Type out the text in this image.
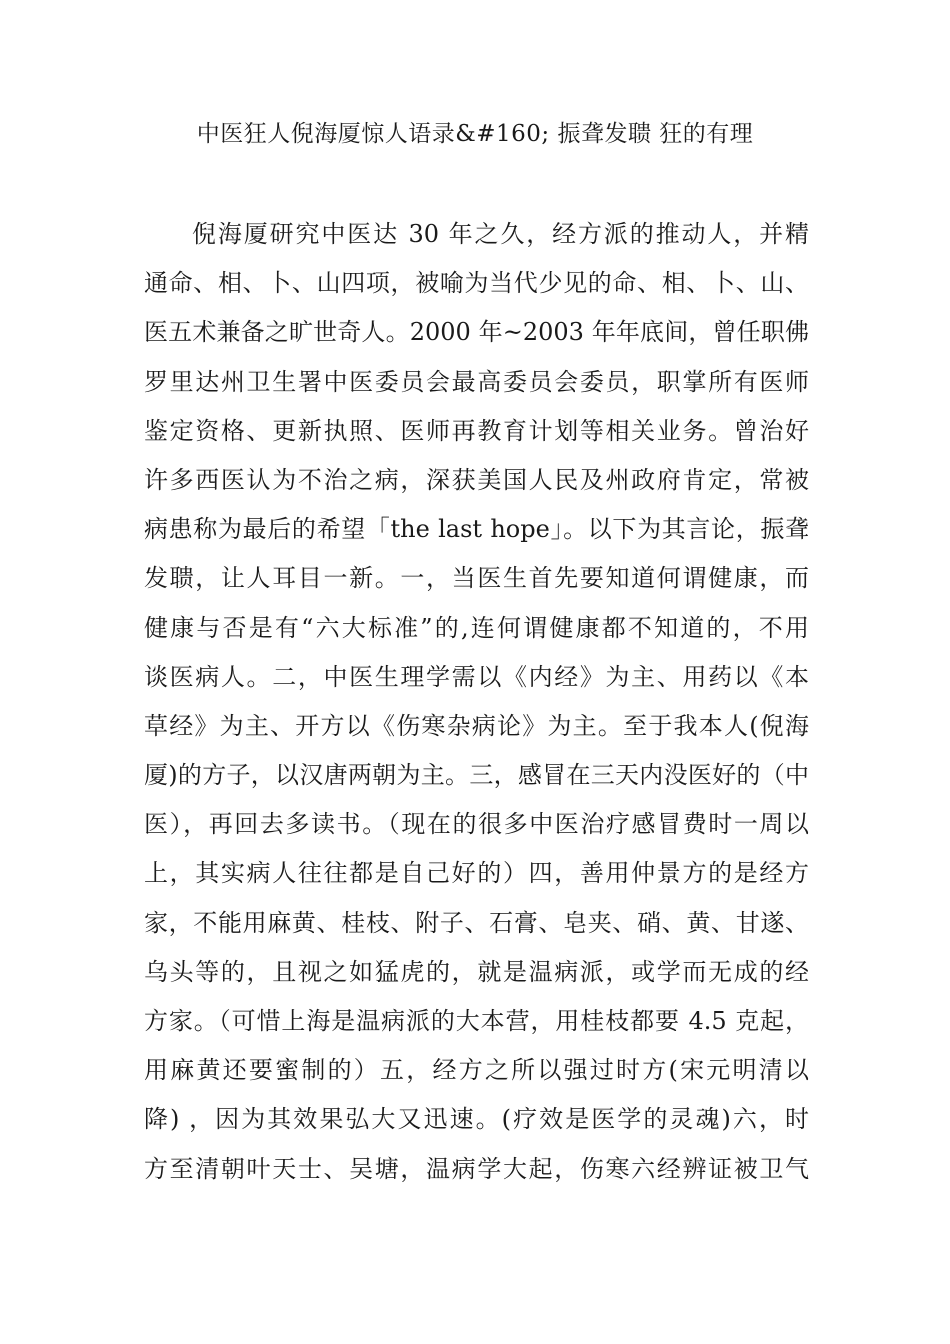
中医狂人倪海厦惊人语录&#160; 振聋发聩 狂的有理
倪海厦研究中医达 30 年之久，经方派的推动人，并精
通命、相、卜、山四项，被喻为当代少见的命、相、卜、山、
医五术兼备之旷世奇人。2000 年~2003 年年底间，曾任职佛
罗里达州卫生署中医委员会最高委员会委员，职掌所有医师
鉴定资格、更新执照、医师再教育计划等相关业务。曾治好
许多西医认为不治之病，深获美国人民及州政府肯定，常被
病患称为最后的希望「the last hope」。以下为其言论，振聋
发聩，让人耳目一新。一，当医生首先要知道何谓健康，而
健康与否是有“六大标准”的,连何谓健康都不知道的，不用
谈医病人。二，中医生理学需以《内经》为主、用药以《本
草经》为主、开方以《伤寒杂病论》为主。至于我本人(倪海
厦)的方子，以汉唐两朝为主。三，感冒在三天内没医好的（中
医），再回去多读书。（现在的很多中医治疗感冒费时一周以
上，其实病人往往都是自己好的）四，善用仲景方的是经方
家，不能用麻黄、桂枝、附子、石膏、皂夹、硝、黄、甘遂、
乌头等的，且视之如猛虎的，就是温病派，或学而无成的经
方家。（可惜上海是温病派的大本营，用桂枝都要 4.5 克起，
用麻黄还要蜜制的）五，经方之所以强过时方(宋元明清以
降) ，因为其效果弘大又迅速。(疗效是医学的灵魂)六，时
方至清朝叶天士、吴塘，温病学大起，伤寒六经辨证被卫气
